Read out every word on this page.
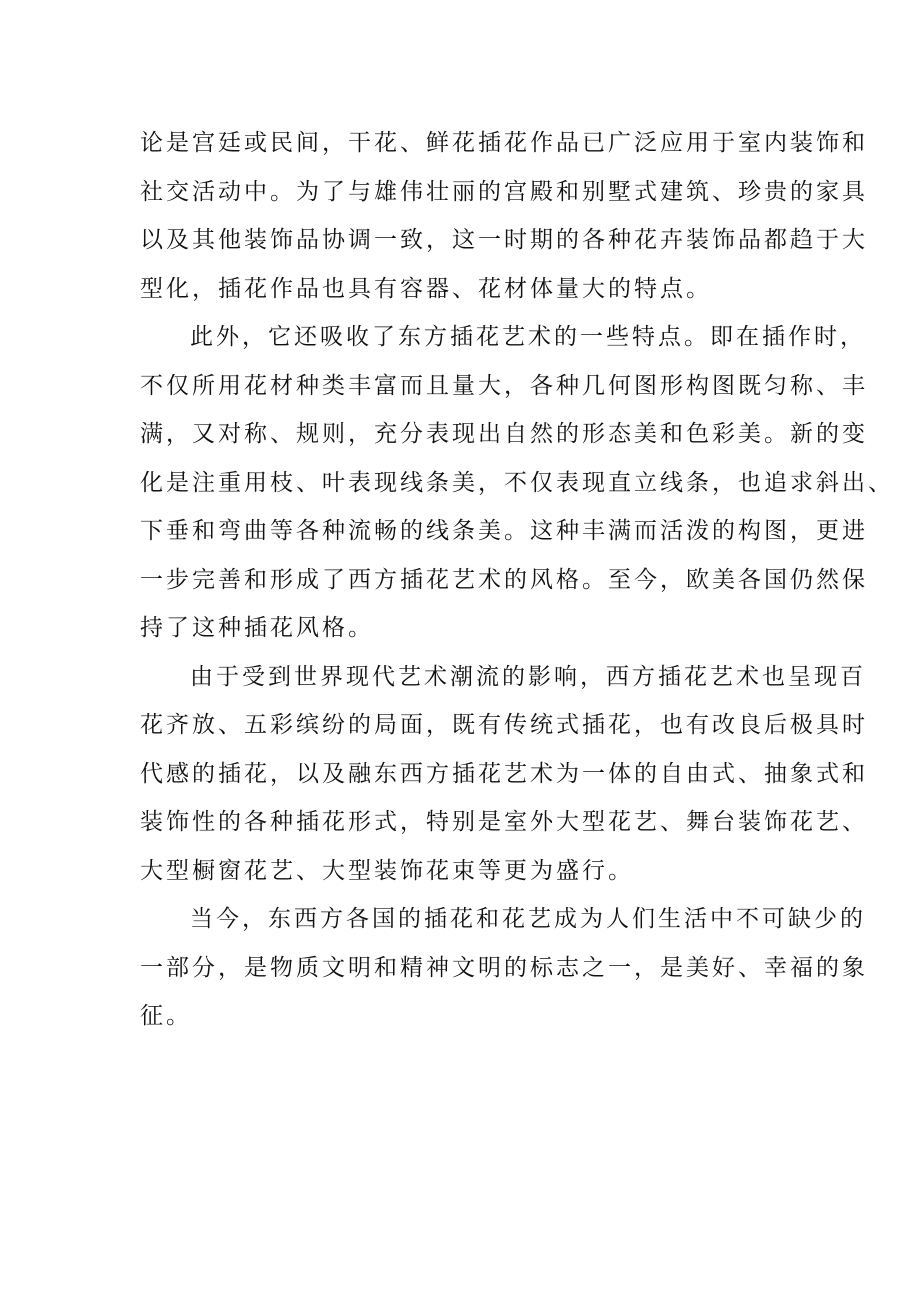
论是宫廷或民间，干花、鲜花插花作品已广泛应用于室内装饰和
社交活动中。为了与雄伟壮丽的宫殿和别墅式建筑、珍贵的家具
以及其他装饰品协调一致，这一时期的各种花卉装饰品都趋于大
型化，插花作品也具有容器、花材体量大的特点。
此外，它还吸收了东方插花艺术的一些特点。即在插作时，
不仅所用花材种类丰富而且量大，各种几何图形构图既匀称、丰
满，又对称、规则，充分表现出自然的形态美和色彩美。新的变
化是注重用枝、叶表现线条美，不仅表现直立线条，也追求斜出、
下垂和弯曲等各种流畅的线条美。这种丰满而活泼的构图，更进
一步完善和形成了西方插花艺术的风格。至今，欧美各国仍然保
持了这种插花风格。
由于受到世界现代艺术潮流的影响，西方插花艺术也呈现百
花齐放、五彩缤纷的局面，既有传统式插花，也有改良后极具时
代感的插花，以及融东西方插花艺术为一体的自由式、抽象式和
装饰性的各种插花形式，特别是室外大型花艺、舞台装饰花艺、
大型橱窗花艺、大型装饰花束等更为盛行。
当今，东西方各国的插花和花艺成为人们生活中不可缺少的
一部分，是物质文明和精神文明的标志之一，是美好、幸福的象
征。
